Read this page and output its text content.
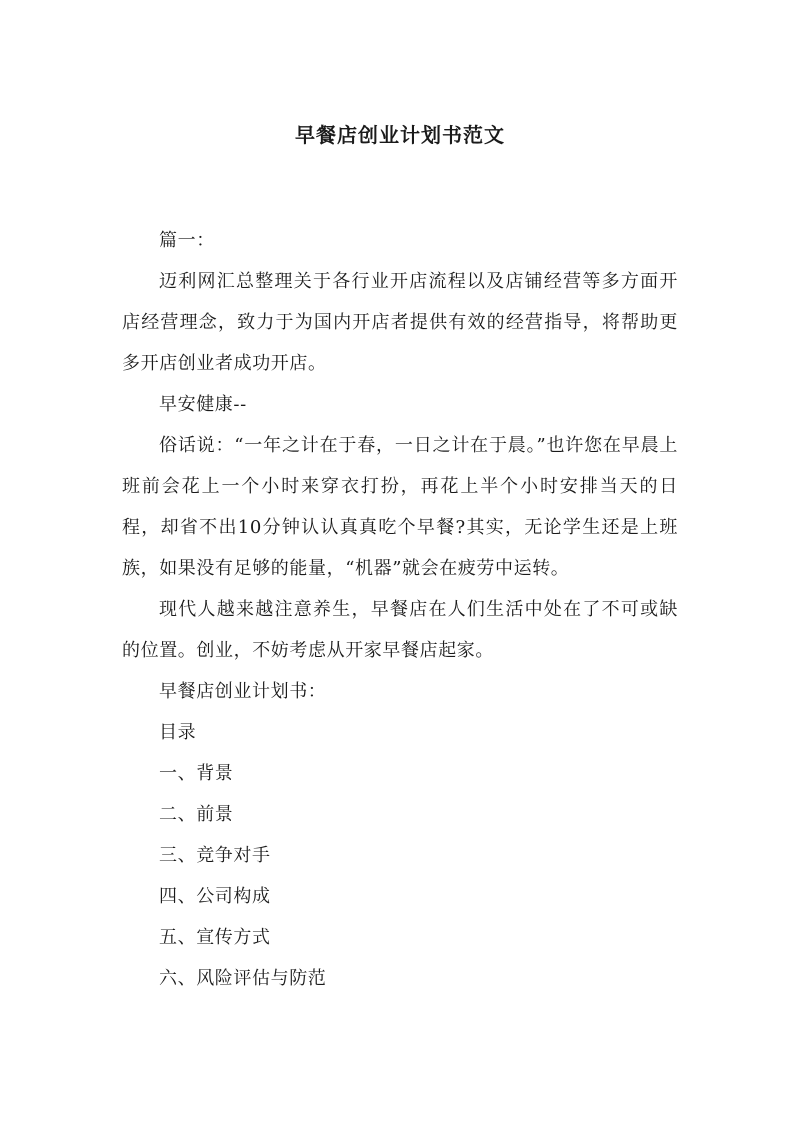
早餐店创业计划书范文

篇一：

迈利网汇总整理关于各行业开店流程以及店铺经营等多方面开店经营理念，致力于为国内开店者提供有效的经营指导，将帮助更多开店创业者成功开店。

早安健康--

俗话说：“一年之计在于春，一日之计在于晨。”也许您在早晨上班前会花上一个小时来穿衣打扮，再花上半个小时安排当天的日程，却省不出10分钟认认真真吃个早餐?其实，无论学生还是上班族，如果没有足够的能量，“机器”就会在疲劳中运转。

现代人越来越注意养生，早餐店在人们生活中处在了不可或缺的位置。创业，不妨考虑从开家早餐店起家。

早餐店创业计划书：

目录

一、背景

二、前景

三、竞争对手

四、公司构成

五、宣传方式

六、风险评估与防范
